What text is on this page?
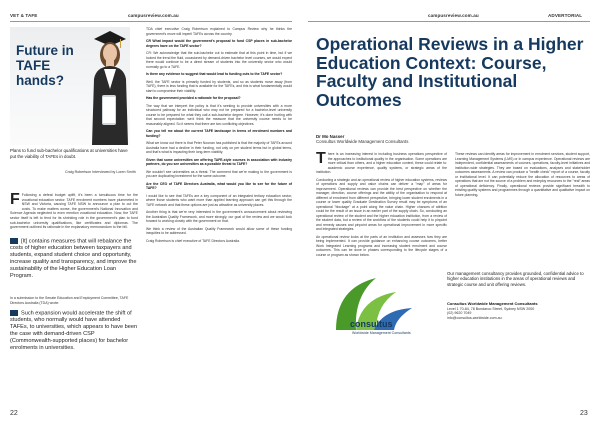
VET & TAFE	campusreview.com.au
Future in TAFE hands?
Plans to fund sub-bachelor qualifications at universities have put the viability of TAFEs in doubt.
Craig Robertson Interviewed by Loren Smith
F Following a defeat budget uplift, it's been a tumultuous time for the vocational education sector. TAFE enrolment numbers have plummeted in NSW and Victoria, causing TAFE NSW to announce a plan to cut the costs. To make matters worse, the government's National Innovation and Science Agenda neglected to even mention vocational education. Now, the TAFE sector itself is left to fend for its shrinking role in the government's plan to fund sub-bachelor university qualifications, like certificates and diplomas. The government outlined its rationale in the explanatory memorandum to the bill.
[It] contains measures that will rebalance the costs of higher education between taxpayers and students, expand student choice and opportunity, increase quality and transparency, and improve the sustainability of the Higher Education Loan Program.
In a submission to the Senate Education and Employment Committee, TAFE Directors Australia (TDA) wrote:
Such expansion would accelerate the shift of students, who normally would have attended TAFEs, to universities, which appears to have been the case with demand-driven CSP (Commonwealth-supported places) for bachelor enrolments in universities.

TDA chief executive Craig Robertson explained to Campus Review why he thinks the government's move will imperil TAFEs across the country.

CR What impact would the government's proposal to fund CSP places in sub-bachelor degrees have on the TAFE sector?

CR: We acknowledge that the sub-bachelor cut to estimate that at this point in time, but if we looked the trend the fluid, occasioned by demand-driven bachelor level courses, we would expect there would continue to be a direct stream of students into the university sector who would normally go to a TAFE.

Is there any evidence to suggest that would lead to funding cuts to the TAFE sector?

Well, the TAFE sector is primarily funded by students, and so as students move away (from TAFE), there is less funding that is available for the TAFEs, and this is what fundamentally would start to compromise their viability.

Has the government provided a rationale for the proposal?

The way that we interpret the policy is that it's seeking to provide universities with a more structured pathway for an individual who may not be prepared for a bachelor-level university course to be prepared for what they call a sub-bachelor degree. However, it's done hurting with that second expectation: we'd think the measure that the university course needs to be reasonably aligned. So it seems that there are two conflicting objectives.

Can you tell me about the current TAFE landscape in terms of enrolment numbers and funding?

What we know out there is that Peter Noonan has published is that the majority of TAFEs around Australia have had a decline in their funding, not only on per student terms but in global terms, and that's what is impacting their long-term viability.

Given that some universities are offering TAFE-style courses in association with industry partners, do you see universities as a possible threat to TAFE?

We wouldn't see universities as a threat. The comment that we're making to the government is you are duplicating investment for the same outcome.

Are the CEO of TAFE Directors Australia, what would you like to see for the future of TAFE?

I would like to see that TAFEs are a key component of an integrated tertiary education sector, where those students who want more than applied learning approach can get this through the TAFE network and that these options are just as attractive as university places.

Another thing is that we're very interested in the government's announcement about reviewing the Australian Quality Framework, and more strongly, our goal of the review and we would look forward to working closely with the government on that.

We think a review of the Australian Quality Framework would allow some of these funding inequities to be addressed.

Craig Robertson is chief executive of TAFE Directors Australia.

22
campusreview.com.au	ADVERTORIAL
23
Operational Reviews in a Higher Education Context: Course, Faculty and Institutional Outcomes
Dr Mo Nasser
Consultus Worldwide Management Consultants

There is an increasing interest in including business operations perspective of the approaches to institutional quality in the organisation. Some operations are more critical than others, and a higher education context, these could relate to: academic course experience, quality systems, or strategic areas of the institution.

Conducting a strategic and an operational review of higher education systems, reviews of operations and supply and value chains can deliver a "map" of areas for improvement. Operational reviews can provide the best perspective on whether the manager, direction, course offerings and the ability of the organisation to respond at different of enrolment from different perspective, bringing lower student enrolments in a course or lower quality Graduate Destination Survey result may be symptoms of an operational "blockage" at a point along the value chain. Higher chances of attrition could be the result of an issue in an earlier part of the supply chain. So, conducting an operational review of the student and the higher education institution, from a review of the student data, but a review of the workflow of the students could help it to pinpoint and remedy causes and pinpoint areas for operational improvement in more specific and integrated strategies.

An operational review looks at the parts of an institution and assesses how they are being implemented. It can provide guidance on enhancing course outcomes, better Work Integrated Learning programs and increasing student enrolment and course outcomes. This can be done in phases corresponding to the lifecycle stages of a course or program as shown below.

These reviews can identify areas for improvement in enrolment services, student support, Learning Management Systems (LMS) or in campus experience. Operational reviews are independent, confidential assessments of courses, operations, faculty-level initiatives and institution-wide strategies. They are based on evaluations, analyses and stakeholder outcomes assessments. A review can produce a "health check" report of a course, faculty or institutional level. It can potentially reduce the allocation of resources to areas of operations that are not the source of a problem and redeploy resources to the "real" areas of operational deficiency. Finally, operational reviews provide significant breadth to existing quality systems and programmes through a quantitative and qualitative impact on future planning.

consultus
Worldwide Management Consultants
Our management consultancy provides grounded, confidential advice to higher education institutions in the areas of operational reviews and strategic course and unit offering reviews.
Consultus Worldwide Management Consultants
Level 1 70-84, 78 Bundaroo Street, Sydney NSW 2000
(02) 9620 7049
info@consultus-worldwide.com.au
